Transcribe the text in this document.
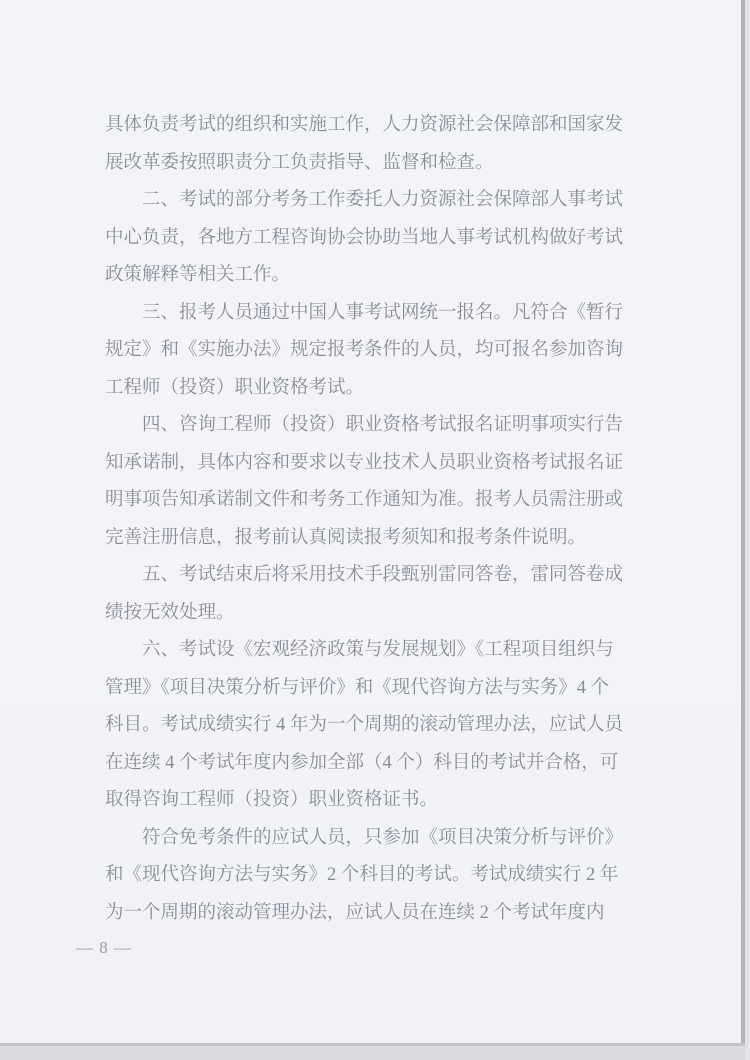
具体负责考试的组织和实施工作，人力资源社会保障部和国家发
展改革委按照职责分工负责指导、监督和检查。
　　二、考试的部分考务工作委托人力资源社会保障部人事考试
中心负责，各地方工程咨询协会协助当地人事考试机构做好考试
政策解释等相关工作。
　　三、报考人员通过中国人事考试网统一报名。凡符合《暂行
规定》和《实施办法》规定报考条件的人员，均可报名参加咨询
工程师（投资）职业资格考试。
　　四、咨询工程师（投资）职业资格考试报名证明事项实行告
知承诺制，具体内容和要求以专业技术人员职业资格考试报名证
明事项告知承诺制文件和考务工作通知为准。报考人员需注册或
完善注册信息，报考前认真阅读报考须知和报考条件说明。
　　五、考试结束后将采用技术手段甄别雷同答卷，雷同答卷成
绩按无效处理。
　　六、考试设《宏观经济政策与发展规划》《工程项目组织与
管理》《项目决策分析与评价》和《现代咨询方法与实务》4 个
科目。考试成绩实行 4 年为一个周期的滚动管理办法，应试人员
在连续 4 个考试年度内参加全部（4 个）科目的考试并合格，可
取得咨询工程师（投资）职业资格证书。
　　符合免考条件的应试人员，只参加《项目决策分析与评价》
和《现代咨询方法与实务》2 个科目的考试。考试成绩实行 2 年
为一个周期的滚动管理办法，应试人员在连续 2 个考试年度内
— 8 —
